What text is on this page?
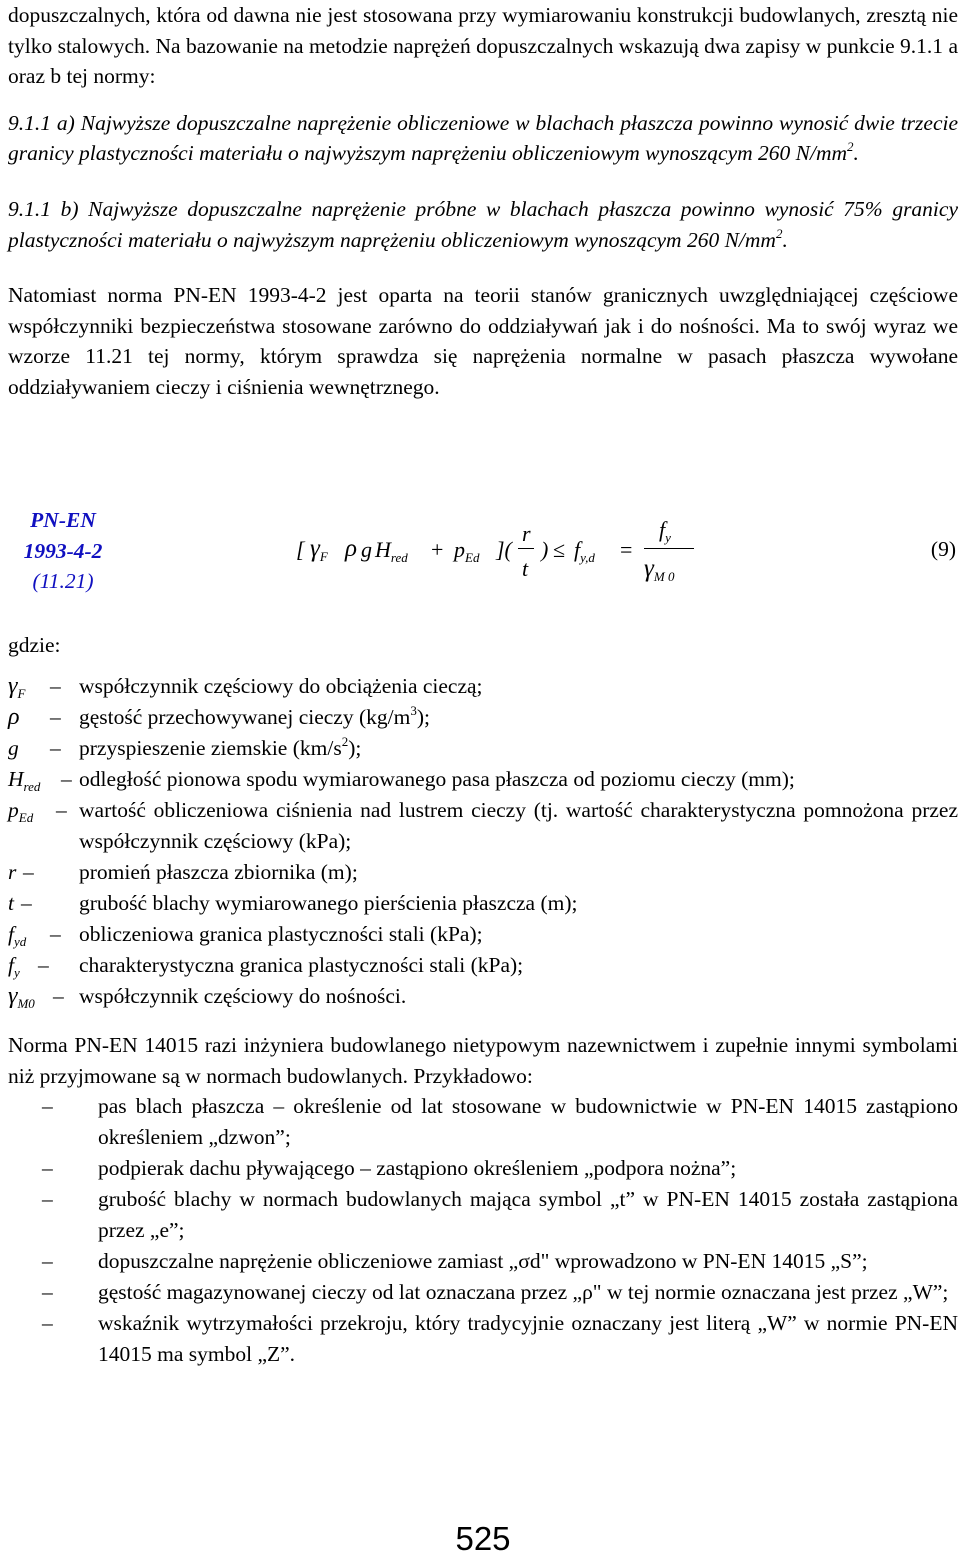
dopuszczalnych, która od dawna nie jest stosowana przy wymiarowaniu konstrukcji budowlanych, zresztą nie tylko stalowych. Na bazowanie na metodzie naprężeń dopuszczalnych wskazują dwa zapisy w punkcie 9.1.1 a oraz b tej normy:

9.1.1 a) Najwyższe dopuszczalne naprężenie obliczeniowe w blachach płaszcza powinno wynosić dwie trzecie granicy plastyczności materiału o najwyższym naprężeniu obliczeniowym wynoszącym 260 $N/mm^2$.

9.1.1 b) Najwyższe dopuszczalne naprężenie próbne w blachach płaszcza powinno wynosić 75% granicy plastyczności materiału o najwyższym naprężeniu obliczeniowym wynoszącym 260 $N/mm^2$.

Natomiast norma PN-EN 1993-4-2 jest oparta na teorii stanów granicznych uwzględniającej częściowe współczynniki bezpieczeństwa stosowane zarówno do oddziaływań jak i do nośności. Ma to swój wyraz we wzorze 11.21 tej normy, którym sprawdza się naprężenia normalne w pasach płaszcza wywołane oddziaływaniem cieczy i ciśnienia wewnętrznego.

PN-EN
1993-4-2
(11.21)
[ $\gamma_F$ ρ g $H_{red} + p_{Ed}$ ](
r
t
) ≤ $f_{y,d}$ =
$f_y$
$\gamma_{M 0}$
(9)
gdzie:
$\gamma_F$	– współczynnik częściowy do obciążenia cieczą;
ρ	– gęstość przechowywanej cieczy $(kg/m^3)$;
g	– przyspieszenie ziemskie $(km/s^2)$;
$H_{red}$ – odległość pionowa spodu wymiarowanego pasa płaszcza od poziomu cieczy (mm);
$p_{Ed}$	– wartość obliczeniowa ciśnienia nad lustrem cieczy (tj. wartość charakterystyczna pomnożona przez współczynnik częściowy (kPa);
r – promień płaszcza zbiornika (m);
t – grubość blachy wymiarowanego pierścienia płaszcza (m);
$f_{yd}$	– obliczeniowa granica plastyczności stali (kPa);
$f_y$ – charakterystyczna granica plastyczności stali (kPa);
$\gamma_{M0}$ – współczynnik częściowy do nośności.

Norma PN-EN 14015 razi inżyniera budowlanego nietypowym nazewnictwem i zupełnie innymi symbolami niż przyjmowane są w normach budowlanych. Przykładowo:

– pas blach płaszcza – określenie od lat stosowane w budownictwie w PN-EN 14015 zastąpiono określeniem „dzwon”;
– podpierak dachu pływającego – zastąpiono określeniem „podpora nożna”;
– grubość blachy w normach budowlanych mająca symbol „t” w PN-EN 14015 została zastąpiona przez „e”;
– dopuszczalne naprężenie obliczeniowe zamiast „σd" wprowadzono w PN-EN 14015 „S”;
– gęstość magazynowanej cieczy od lat oznaczana przez „ρ" w tej normie oznaczana jest przez „W”;
– wskaźnik wytrzymałości przekroju, który tradycyjnie oznaczany jest literą „W” w normie PN-EN 14015 ma symbol „Z”.
525
